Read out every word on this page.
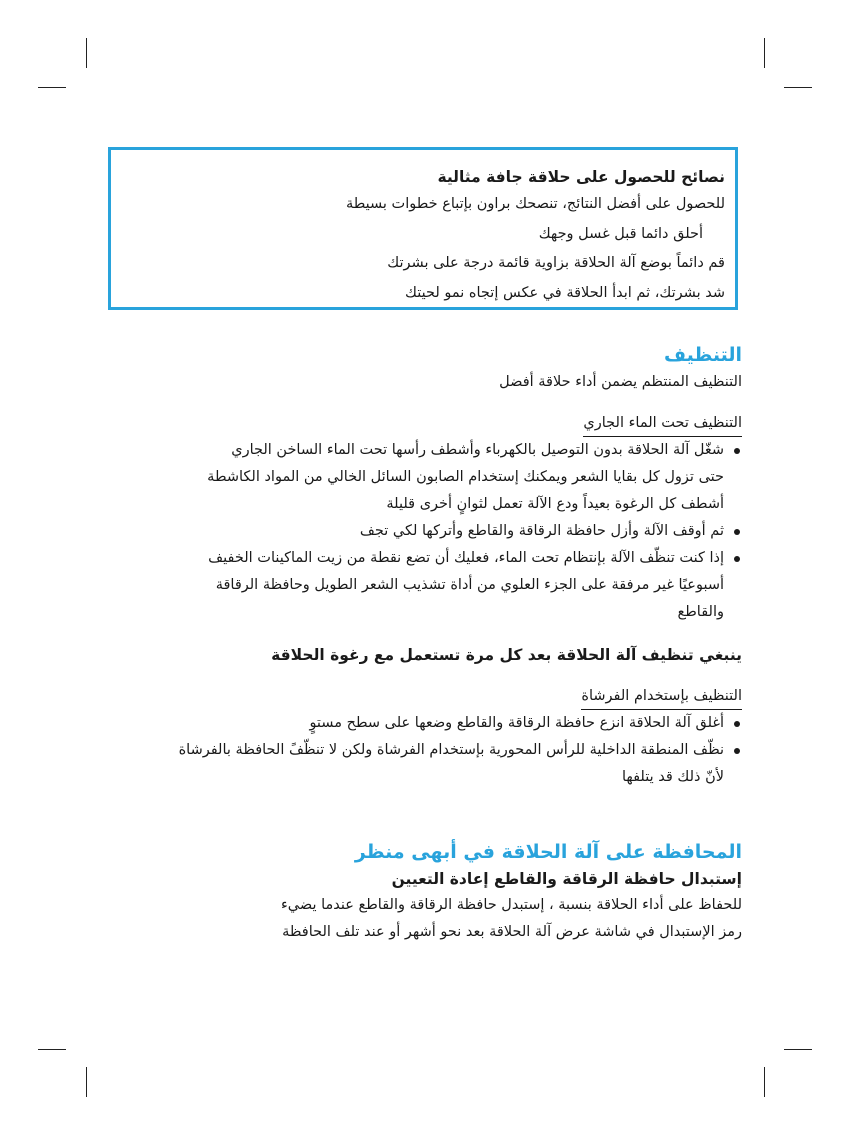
نصائح للحصول على حلاقة جافة مثالية
للحصول على أفضل النتائج، تنصحك براون بإتباع خطوات بسيطة
أحلق دائما قبل غسل وجهك
قم دائماً بوضع آلة الحلاقة بزاوية قائمة درجة على بشرتك
شد بشرتك، ثم ابدأ الحلاقة في عكس إتجاه نمو لحيتك
التنظيف
التنظيف المنتظم يضمن أداء حلاقة أفضل
التنظيف تحت الماء الجاري
شغّل آلة الحلاقة بدون التوصيل بالكهرباء وأشطف رأسها تحت الماء الساخن الجاري
حتى تزول كل بقايا الشعر ويمكنك إستخدام الصابون السائل الخالي من المواد الكاشطة
أشطف كل الرغوة بعيداً ودع الآلة تعمل لثوانٍ أخرى قليلة
ثم أوقف الآلة وأزل حافظة الرقاقة والقاطع وأتركها لكي تجف
إذا كنت تنظّف الآلة بإنتظام تحت الماء، فعليك أن تضع نقطة من زيت الماكينات الخفيف
أسبوعيًا غير مرفقة على الجزء العلوي من أداة تشذيب الشعر الطويل وحافظة الرقاقة
والقاطع
ينبغي تنظيف آلة الحلاقة بعد كل مرة تستعمل مع رغوة الحلاقة
التنظيف بإستخدام الفرشاة
أغلق آلة الحلاقة انزع حافظة الرقاقة والقاطع وضعها على سطح مستوٍ
نظّف المنطقة الداخلية للرأس المحورية بإستخدام الفرشاة ولكن لا تنظّفً الحافظة بالفرشاة
لأنّ ذلك قد يتلفها
المحافظة على آلة الحلاقة في أبهى منظر
إستبدال حافظة الرقاقة والقاطع إعادة التعيين
للحفاظ على أداء الحلاقة بنسبة ، إستبدل حافظة الرقاقة والقاطع عندما يضيء
رمز الإستبدال في شاشة عرض آلة الحلاقة بعد نحو أشهر أو عند تلف الحافظة
